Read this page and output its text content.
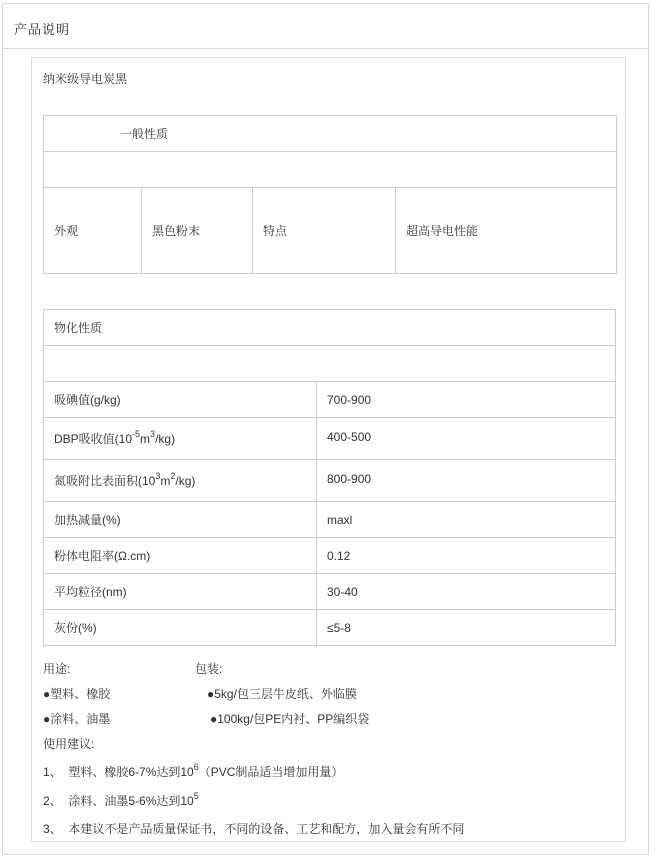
产品说明
纳米级导电炭黑
一般性质

外观	黑色粉末	特点	超高导电性能
物化性质	

吸碘值(g/kg)	700-900
DBP吸收值$(10^{-5}m^3/kg)$	400-500
氮吸附比表面积$(10^3m^2/kg)$	800-900
加热减量(%)	maxl
粉体电阻率(Ω.cm)	0.12
平均粒径(nm)	30-40
灰份(%)	≤5-8
用途:	包装:
●塑料、橡胶	●5kg/包三层牛皮纸、外临膜
●涂料、油墨	●100kg/包PE内衬、PP编织袋
使用建议:
1、 塑料、橡胶6-7%达到$10^6(PVC$制品适当增加用量）
2、 涂料、油墨5-6%达到$10^5$
3、 本建议不是产品质量保证书，不同的设备、工艺和配方，加入量会有所不同
